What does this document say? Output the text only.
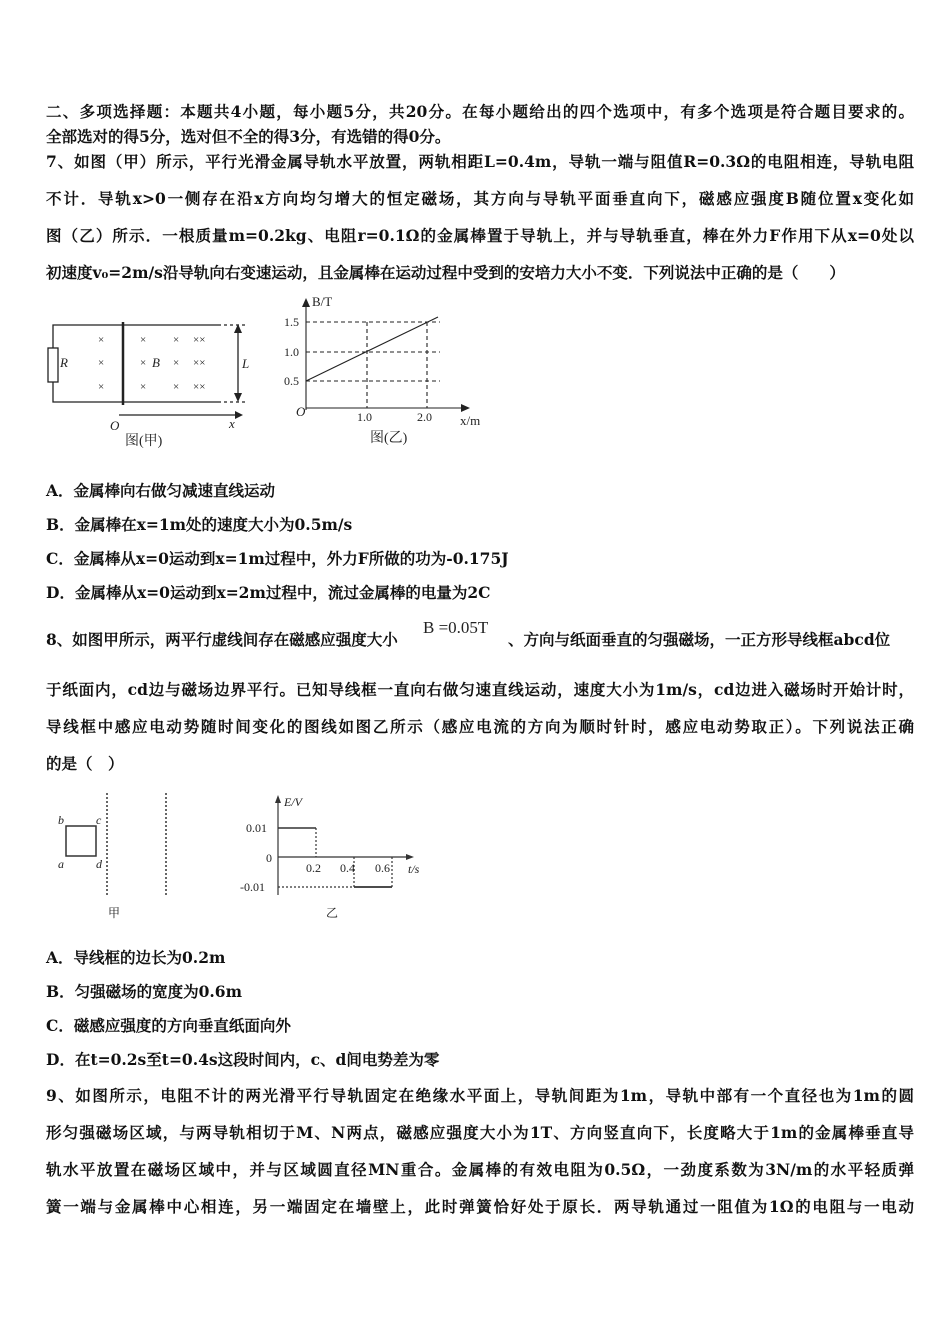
二、多项选择题：本题共4小题，每小题5分，共20分。在每小题给出的四个选项中，有多个选项是符合题目要求的。
全部选对的得5分，选对但不全的得3分，有选错的得0分。
7、如图（甲）所示，平行光滑金属导轨水平放置，两轨相距L=0.4m，导轨一端与阻值R=0.3Ω的电阻相连，导轨电阻
不计．导轨x>0一侧存在沿x方向均匀增大的恒定磁场，其方向与导轨平面垂直向下，磁感应强度B随位置x变化如
图（乙）所示．一根质量m=0.2kg、电阻r=0.1Ω的金属棒置于导轨上，并与导轨垂直，棒在外力F作用下从x=0处以
初速度v₀=2m/s沿导轨向右变速运动，且金属棒在运动过程中受到的安培力大小不变．下列说法中正确的是（　　）
×
×
×
×
×
×
×
×
×
××
××
××
R	B	L
O	x
图(甲)
B/T
1.5
1.0
0.5
O	1.0	2.0 x/m
图(乙)
A．金属棒向右做匀减速直线运动
B．金属棒在x=1m处的速度大小为0.5m/s
C．金属棒从x=0运动到x=1m过程中，外力F所做的功为-0.175J
D．金属棒从x=0运动到x=2m过程中，流过金属棒的电量为2C
8、如图甲所示，两平行虚线间存在磁感应强度大小
B =0.05T
、方向与纸面垂直的匀强磁场，一正方形导线框abcd位
于纸面内，cd边与磁场边界平行。已知导线框一直向右做匀速直线运动，速度大小为1m/s，cd边进入磁场时开始计时，
导线框中感应电动势随时间变化的图线如图乙所示（感应电流的方向为顺时针时，感应电动势取正）。下列说法正确
的是（　）
b	c
a	d
甲
E/V
0.01
0
-0.01
0.2 0.4 0.6 t/s
乙
A．导线框的边长为0.2m
B．匀强磁场的宽度为0.6m
C．磁感应强度的方向垂直纸面向外
D．在t=0.2s至t=0.4s这段时间内，c、d间电势差为零
9、如图所示，电阻不计的两光滑平行导轨固定在绝缘水平面上，导轨间距为1m，导轨中部有一个直径也为1m的圆
形匀强磁场区域，与两导轨相切于M、N两点，磁感应强度大小为1T、方向竖直向下，长度略大于1m的金属棒垂直导
轨水平放置在磁场区域中，并与区域圆直径MN重合。金属棒的有效电阻为0.5Ω，一劲度系数为3N/m的水平轻质弹
簧一端与金属棒中心相连，另一端固定在墙壁上，此时弹簧恰好处于原长．两导轨通过一阻值为1Ω的电阻与一电动
